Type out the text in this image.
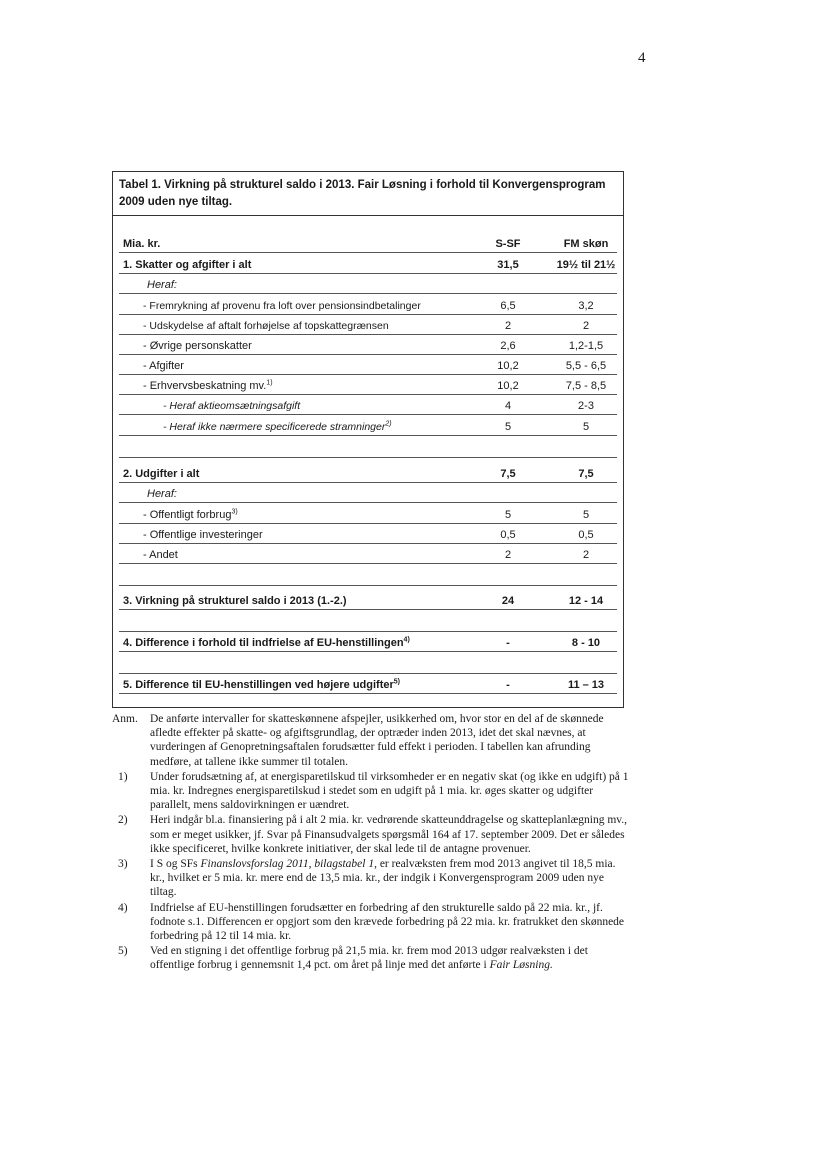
4
Tabel 1. Virkning på strukturel saldo i 2013. Fair Løsning i forhold til Konvergensprogram
2009 uden nye tiltag.
Mia. kr.	S-SF	FM skøn
1. Skatter og afgifter i alt	31,5	19½ til 21½
Heraf:
- Fremrykning af provenu fra loft over pensionsindbetalinger	6,5	3,2
- Udskydelse af aftalt forhøjelse af topskattegrænsen	2	2
- Øvrige personskatter	2,6	1,2-1,5
- Afgifter	10,2	5,5 - 6,5
- Erhvervsbeskatning mv.$^{1)}$	10,2	7,5 - 8,5
- Heraf aktieomsætningsafgift	4	2-3
- Heraf ikke nærmere specificerede stramninger$^{2)}$	5	5
2. Udgifter i alt	7,5	7,5
Heraf:
- Offentligt forbrug$^{3)}$	5	5
- Offentlige investeringer	0,5	0,5
- Andet	2	2
3. Virkning på strukturel saldo i 2013 (1.-2.)	24	12 - 14
4. Difference i forhold til indfrielse af EU-henstillingen$^{4)}$	-	8 - 10
5. Difference til EU-henstillingen ved højere udgifter$^{5)}$	-	11 – 13
Anm. De anførte intervaller for skatteskønnene afspejler, usikkerhed om, hvor stor en del af de skønnede afledte effekter på skatte- og afgiftsgrundlag, der optræder inden 2013, idet det skal nævnes, at vurderingen af Genopretningsaftalen forudsætter fuld effekt i perioden. I tabellen kan afrunding medføre, at tallene ikke summer til totalen.
1) Under forudsætning af, at energisparetilskud til virksomheder er en negativ skat (og ikke en udgift) på 1 mia. kr. Indregnes energisparetilskud i stedet som en udgift på 1 mia. kr. øges skatter og udgifter parallelt, mens saldovirkningen er uændret.
2) Heri indgår bl.a. finansiering på i alt 2 mia. kr. vedrørende skatteunddragelse og skatteplanlægning mv., som er meget usikker, jf. Svar på Finansudvalgets spørgsmål 164 af 17. september 2009. Det er således ikke specificeret, hvilke konkrete initiativer, der skal lede til de antagne provenuer.
3) I S og SFs Finanslovsforslag 2011, bilagstabel 1, er realvæksten frem mod 2013 angivet til 18,5 mia. kr., hvilket er 5 mia. kr. mere end de 13,5 mia. kr., der indgik i Konvergensprogram 2009 uden nye tiltag.
4) Indfrielse af EU-henstillingen forudsætter en forbedring af den strukturelle saldo på 22 mia. kr., jf. fodnote s.1. Differencen er opgjort som den krævede forbedring på 22 mia. kr. fratrukket den skønnede forbedring på 12 til 14 mia. kr.
5) Ved en stigning i det offentlige forbrug på 21,5 mia. kr. frem mod 2013 udgør realvæksten i det offentlige forbrug i gennemsnit 1,4 pct. om året på linje med det anførte i Fair Løsning.
